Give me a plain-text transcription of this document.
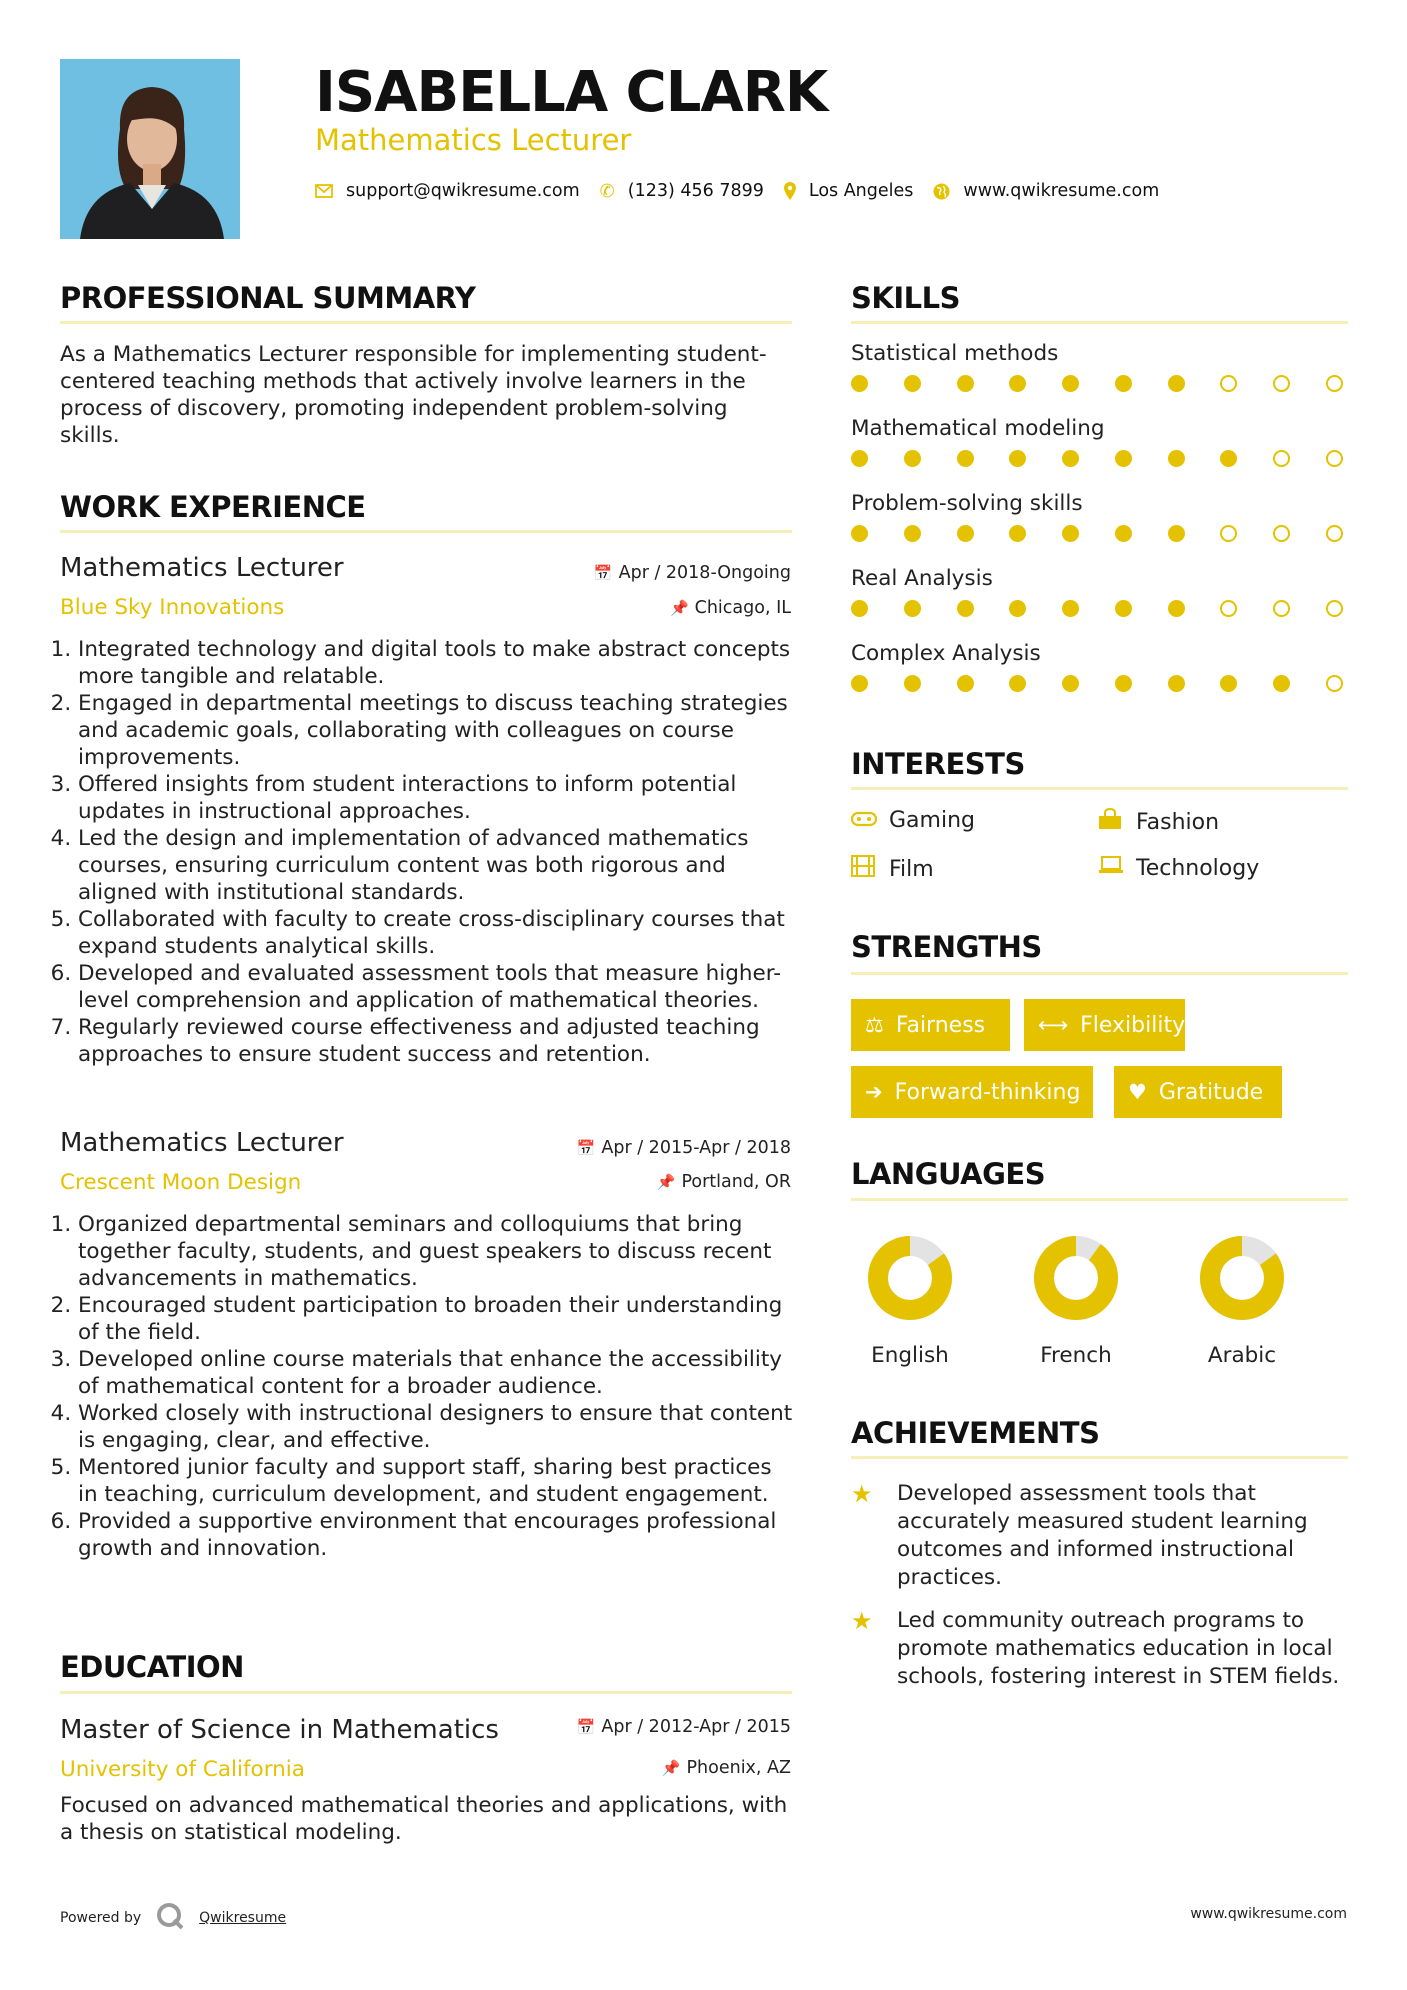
ISABELLA CLARK
Mathematics Lecturer
support@qwikresume.com ✆ (123) 456 7899	Los Angeles	www.qwikresume.com
PROFESSIONAL SUMMARY
As a Mathematics Lecturer responsible for implementing student-centered teaching methods that actively involve learners in the process of discovery, promoting independent problem-solving skills.
WORK EXPERIENCE
Mathematics Lecturer
Blue Sky Innovations
📅 Apr / 2018-Ongoing
📌 Chicago, IL
1. Integrated technology and digital tools to make abstract concepts more tangible and relatable.
2. Engaged in departmental meetings to discuss teaching strategies and academic goals, collaborating with colleagues on course improvements.
3. Offered insights from student interactions to inform potential updates in instructional approaches.
4. Led the design and implementation of advanced mathematics courses, ensuring curriculum content was both rigorous and aligned with institutional standards.
5. Collaborated with faculty to create cross-disciplinary courses that expand students analytical skills.
6. Developed and evaluated assessment tools that measure higher-level comprehension and application of mathematical theories.
7. Regularly reviewed course effectiveness and adjusted teaching approaches to ensure student success and retention.
Mathematics Lecturer
Crescent Moon Design
📅 Apr / 2015-Apr / 2018
📌 Portland, OR
1. Organized departmental seminars and colloquiums that bring together faculty, students, and guest speakers to discuss recent advancements in mathematics.
2. Encouraged student participation to broaden their understanding of the field.
3. Developed online course materials that enhance the accessibility of mathematical content for a broader audience.
4. Worked closely with instructional designers to ensure that content is engaging, clear, and effective.
5. Mentored junior faculty and support staff, sharing best practices in teaching, curriculum development, and student engagement.
6. Provided a supportive environment that encourages professional growth and innovation.
EDUCATION
Master of Science in Mathematics
University of California
📅 Apr / 2012-Apr / 2015
📌 Phoenix, AZ
Focused on advanced mathematical theories and applications, with a thesis on statistical modeling.
SKILLS
Statistical methods
Mathematical modeling
Problem-solving skills
Real Analysis
Complex Analysis
INTERESTS
Gaming	Fashion
Film	Technology
STRENGTHS
⚖ Fairness	⟷ Flexibility
➔ Forward-thinking ♥ Gratitude
LANGUAGES
English	French	Arabic
ACHIEVEMENTS
★	Developed assessment tools that accurately measured student learning outcomes and informed instructional practices.
★	Led community outreach programs to promote mathematics education in local schools, fostering interest in STEM fields.
Powered by	Qwikresume	www.qwikresume.com
